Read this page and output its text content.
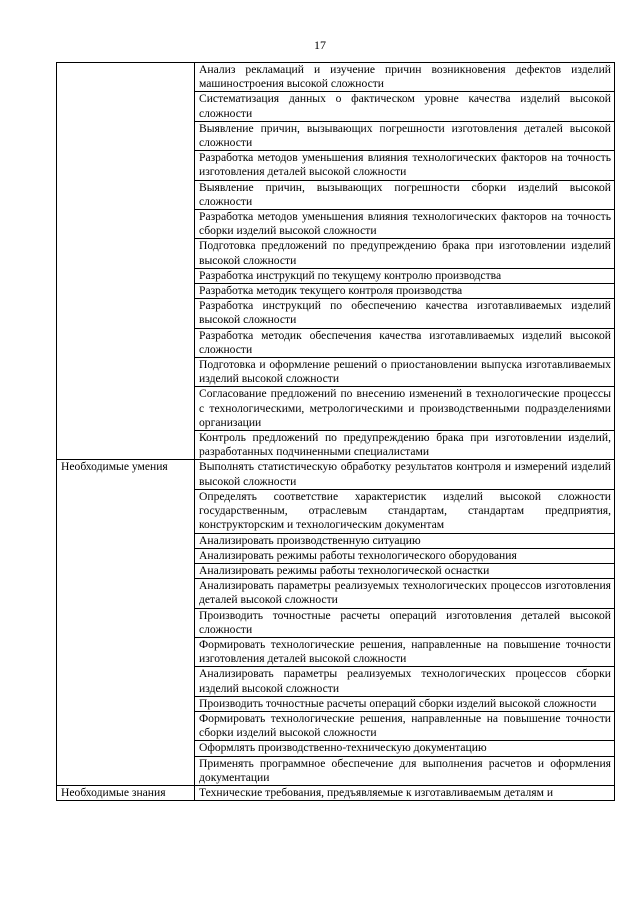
17
	Анализ рекламаций и изучение причин возникновения дефектов изделий машиностроения высокой сложности
	Систематизация данных о фактическом уровне качества изделий высокой сложности
	Выявление причин, вызывающих погрешности изготовления деталей высокой сложности
	Разработка методов уменьшения влияния технологических факторов на точность изготовления деталей высокой сложности
	Выявление причин, вызывающих погрешности сборки изделий высокой сложности
	Разработка методов уменьшения влияния технологических факторов на точность сборки изделий высокой сложности
	Подготовка предложений по предупреждению брака при изготовлении изделий высокой сложности
	Разработка инструкций по текущему контролю производства
	Разработка методик текущего контроля производства
	Разработка инструкций по обеспечению качества изготавливаемых изделий высокой сложности
	Разработка методик обеспечения качества изготавливаемых изделий высокой сложности
	Подготовка и оформление решений о приостановлении выпуска изготавливаемых изделий высокой сложности
	Согласование предложений по внесению изменений в технологические процессы с технологическими, метрологическими и производственными подразделениями организации
	Контроль предложений по предупреждению брака при изготовлении изделий, разработанных подчиненными специалистами
Необходимые умения	Выполнять статистическую обработку результатов контроля и измерений изделий высокой сложности
	Определять соответствие характеристик изделий высокой сложности государственным, отраслевым стандартам, стандартам предприятия, конструкторским и технологическим документам
	Анализировать производственную ситуацию
	Анализировать режимы работы технологического оборудования
	Анализировать режимы работы технологической оснастки
	Анализировать параметры реализуемых технологических процессов изготовления деталей высокой сложности
	Производить точностные расчеты операций изготовления деталей высокой сложности
	Формировать технологические решения, направленные на повышение точности изготовления деталей высокой сложности
	Анализировать параметры реализуемых технологических процессов сборки изделий высокой сложности
	Производить точностные расчеты операций сборки изделий высокой сложности
	Формировать технологические решения, направленные на повышение точности сборки изделий высокой сложности
	Оформлять производственно-техническую документацию
	Применять программное обеспечение для выполнения расчетов и оформления документации
Необходимые знания	Технические требования, предъявляемые к изготавливаемым деталям и
